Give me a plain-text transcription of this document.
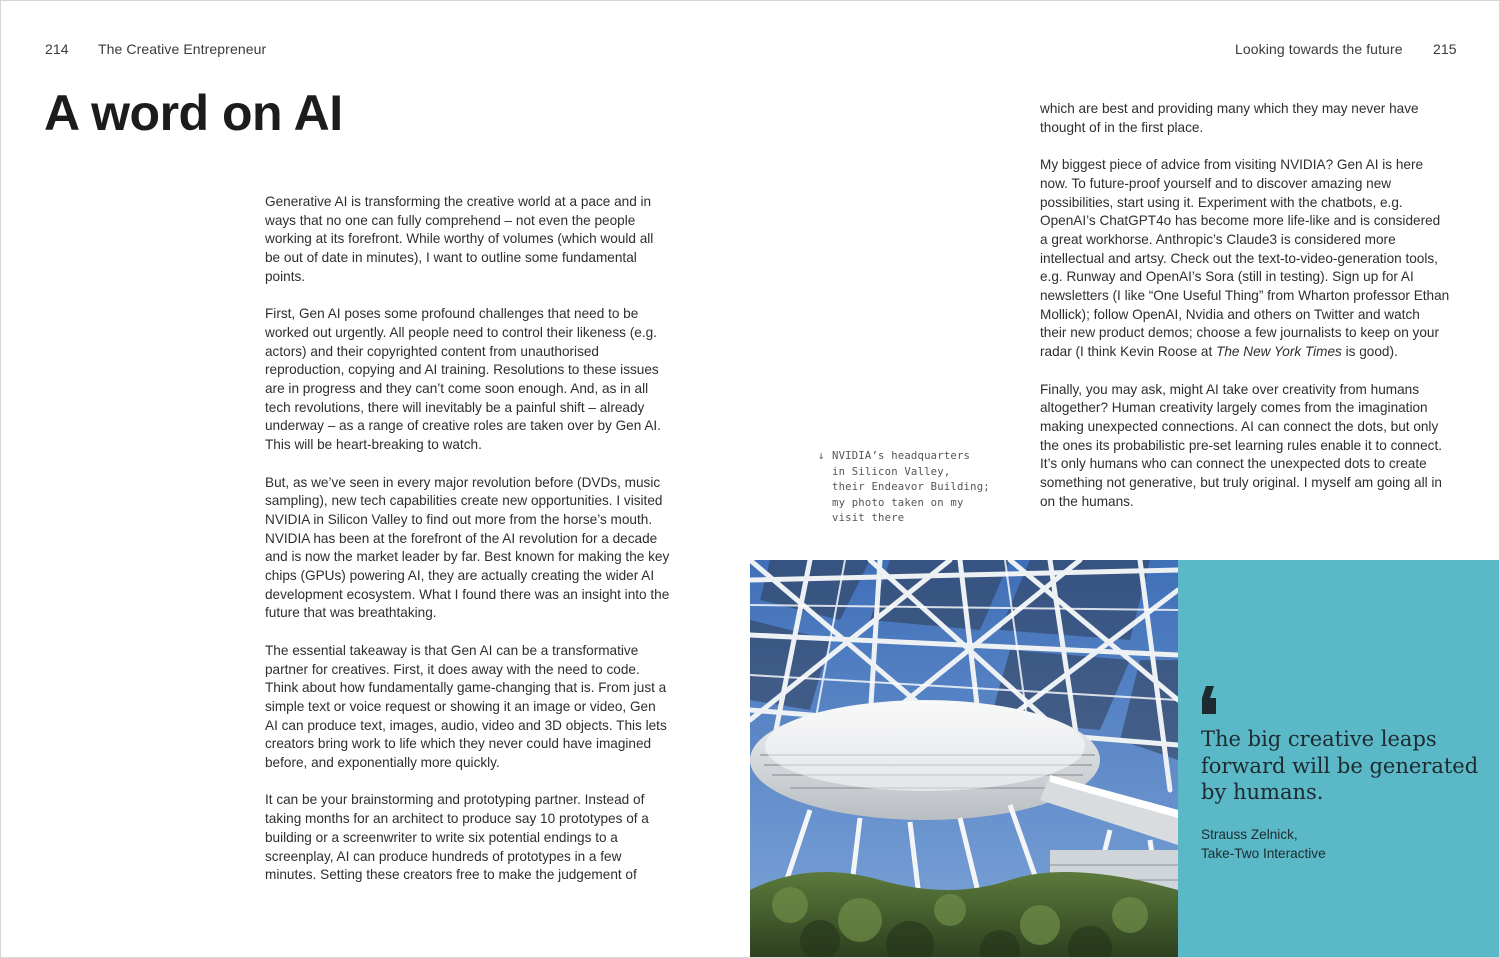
214 The Creative Entrepreneur	Looking towards the future 215
A word on AI

Generative AI is transforming the creative world at a pace and in ways that no one can fully comprehend – not even the people working at its forefront. While worthy of volumes (which would all be out of date in minutes), I want to outline some fundamental points.

First, Gen AI poses some profound challenges that need to be worked out urgently. All people need to control their likeness (e.g. actors) and their copyrighted content from unauthorised reproduction, copying and AI training. Resolutions to these issues are in progress and they can’t come soon enough. And, as in all tech revolutions, there will inevitably be a painful shift – already underway – as a range of creative roles are taken over by Gen AI. This will be heart-breaking to watch.

But, as we’ve seen in every major revolution before (DVDs, music sampling), new tech capabilities create new opportunities. I visited NVIDIA in Silicon Valley to find out more from the horse’s mouth. NVIDIA has been at the forefront of the AI revolution for a decade and is now the market leader by far. Best known for making the key chips (GPUs) powering AI, they are actually creating the wider AI development ecosystem. What I found there was an insight into the future that was breathtaking.

The essential takeaway is that Gen AI can be a transformative partner for creatives. First, it does away with the need to code. Think about how fundamentally game-changing that is. From just a simple text or voice request or showing it an image or video, Gen AI can produce text, images, audio, video and 3D objects. This lets creators bring work to life which they never could have imagined before, and exponentially more quickly.

It can be your brainstorming and prototyping partner. Instead of taking months for an architect to produce say 10 prototypes of a building or a screenwriter to write six potential endings to a screenplay, AI can produce hundreds of prototypes in a few minutes. Setting these creators free to make the judgement of

which are best and providing many which they may never have thought of in the first place.

My biggest piece of advice from visiting NVIDIA? Gen AI is here now. To future-proof yourself and to discover amazing new possibilities, start using it. Experiment with the chatbots, e.g. OpenAI’s ChatGPT4o has become more life-like and is considered a great workhorse. Anthropic’s Claude3 is considered more intellectual and artsy. Check out the text-to-video-generation tools, e.g. Runway and OpenAI’s Sora (still in testing). Sign up for AI newsletters (I like “One Useful Thing” from Wharton professor Ethan Mollick); follow OpenAI, Nvidia and others on Twitter and watch their new product demos; choose a few journalists to keep on your radar (I think Kevin Roose at The New York Times is good).

Finally, you may ask, might AI take over creativity from humans altogether? Human creativity largely comes from the imagination making unexpected connections. AI can connect the dots, but only the ones its probabilistic pre-set learning rules enable it to connect. It’s only humans who can connect the unexpected dots to create something not generative, but truly original. I myself am going all in on the humans.

↓ NVIDIA’s headquarters
in Silicon Valley,
their Endeavor Building;
my photo taken on my
visit there
The big creative leaps forward will be generated by humans.
Strauss Zelnick,
Take-Two Interactive
